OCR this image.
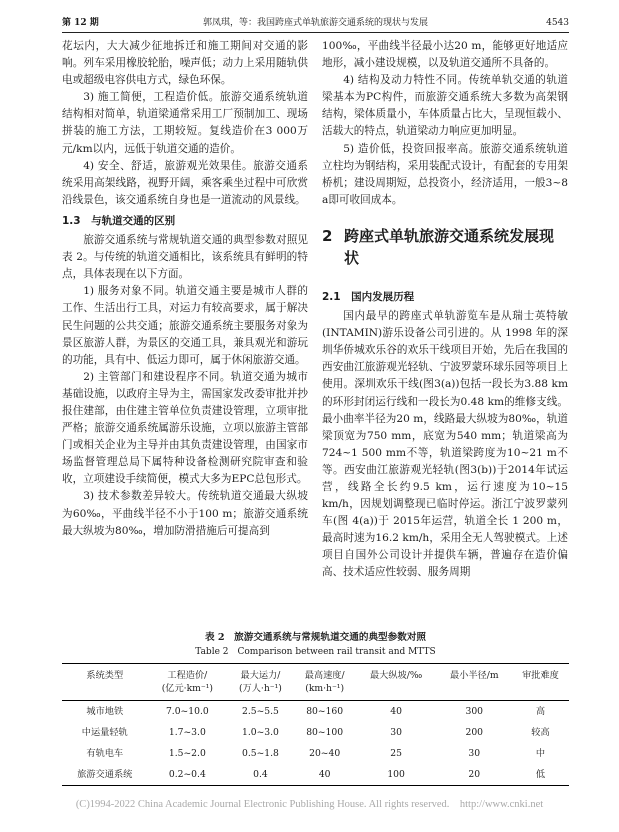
第 12 期	郭凤琪，等：我国跨座式单轨旅游交通系统的现状与发展	4543

花坛内，大大减少征地拆迁和施工期间对交通的影响。列车采用橡胶轮胎，噪声低；动力上采用随轨供电或超级电容供电方式，绿色环保。

3) 施工简便，工程造价低。旅游交通系统轨道结构相对简单，轨道梁通常采用工厂预制加工、现场拼装的施工方法，工期较短。复线造价在3 000万元/km以内，远低于轨道交通的造价。

4) 安全、舒适，旅游观光效果佳。旅游交通系统采用高架线路，视野开阔，乘客乘坐过程中可欣赏沿线景色，该交通系统自身也是一道流动的风景线。

1.3　与轨道交通的区别

旅游交通系统与常规轨道交通的典型参数对照见表 2。与传统的轨道交通相比，该系统具有鲜明的特点，具体表现在以下方面。

1) 服务对象不同。轨道交通主要是城市人群的工作、生活出行工具，对运力有较高要求，属于解决民生问题的公共交通；旅游交通系统主要服务对象为景区旅游人群，为景区的交通工具，兼具观光和游玩的功能，具有中、低运力即可，属于休闲旅游交通。

2) 主管部门和建设程序不同。轨道交通为城市基础设施，以政府主导为主，需国家发改委审批并抄报住建部，由住建主管单位负责建设管理，立项审批严格；旅游交通系统属游乐设施，立项以旅游主管部门或相关企业为主导并由其负责建设管理，由国家市场监督管理总局下属特种设备检测研究院审查和验收，立项建设手续简便，模式大多为EPC总包形式。

3) 技术参数差异较大。传统轨道交通最大纵坡为60‰，平曲线半径不小于100 m；旅游交通系统最大纵坡为80‰，增加防滑措施后可提高到

100‰，平曲线半径最小达20 m，能够更好地适应地形，减小建设规模，以及轨道交通所不具备的。

4) 结构及动力特性不同。传统单轨交通的轨道梁基本为PC构件，而旅游交通系统大多数为高架钢结构，梁体质量小，车体质量占比大，呈现恒载小、活载大的特点，轨道梁动力响应更加明显。

5) 造价低，投资回报率高。旅游交通系统轨道立柱均为钢结构，采用装配式设计，有配套的专用架桥机；建设周期短，总投资小，经济适用，一般3~8 a即可收回成本。

2 跨座式单轨旅游交通系统发展现状
2.1　国内发展历程

国内最早的跨座式单轨游览车是从瑞士英特敏(INTAMIN)游乐设备公司引进的。从 1998 年的深圳华侨城欢乐谷的欢乐干线项目开始，先后在我国的西安曲江旅游观光轻轨、宁波罗蒙环球乐园等项目上使用。深圳欢乐干线(图3(a))包括一段长为3.88 km的环形封闭运行线和一段长为0.48 km的维修支线。最小曲率半径为20 m，线路最大纵坡为80‰，轨道梁顶宽为750 mm，底宽为540 mm；轨道梁高为724~1 500 mm不等，轨道梁跨度为10~21 m不等。西安曲江旅游观光轻轨(图3(b))于2014年试运营，线路全长约9.5 km，运行速度为10~15 km/h，因规划调整现已临时停运。浙江宁波罗蒙列车(图 4(a))于 2015年运营，轨道全长 1 200 m，最高时速为16.2 km/h，采用全无人驾驶模式。上述项目自国外公司设计并提供车辆，普遍存在造价偏高、技术适应性较弱、服务周期

表 2　旅游交通系统与常规轨道交通的典型参数对照
Table 2　Comparison between rail transit and MTTS
系统类型	工程造价/	最大运力/	最高速度/	最大纵坡/‰	最小半径/m	审批难度
	(亿元·km⁻¹)	(万人·h⁻¹)	(km·h⁻¹)			
城市地铁	7.0~10.0	2.5~5.5	80~160	40	300	高
中运量轻轨	1.7~3.0	1.0~3.0	80~100	30	200	较高
有轨电车	1.5~2.0	0.5~1.8	20~40	25	30	中
旅游交通系统	0.2~0.4	0.4	40	100	20	低
(C)1994-2022 China Academic Journal Electronic Publishing House. All rights reserved.　http://www.cnki.net
